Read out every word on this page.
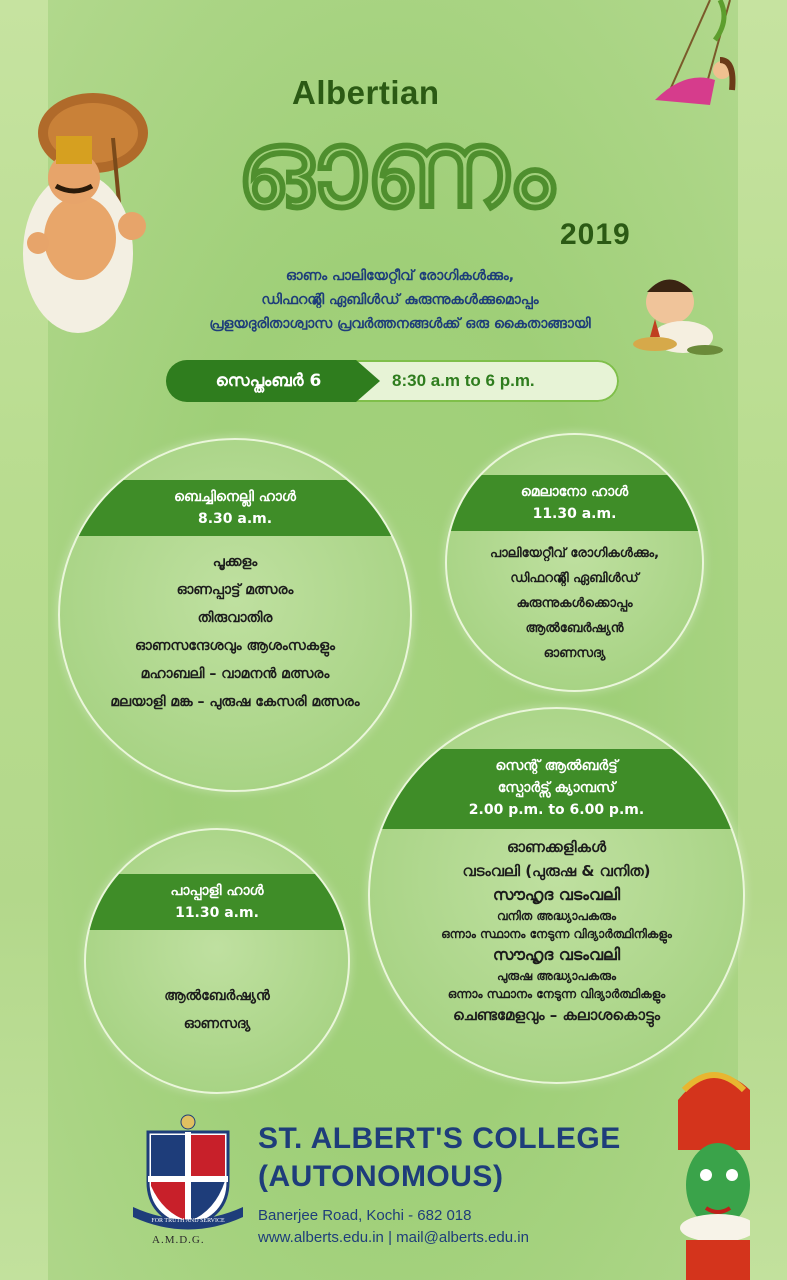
Albertian
ഓണം
2019
ഓണം പാലിയേറ്റീവ് രോഗികൾക്കും,
ഡിഫറന്റ്ലി ഏബിൾഡ് കുരുന്നുകൾക്കുമൊപ്പം
പ്രളയദുരിതാശ്വാസ പ്രവർത്തനങ്ങൾക്ക് ഒരു കൈതാങ്ങായി
സെപ്തംബർ 6	8:30 a.m to 6 p.m.
ബെച്ചിനെല്ലി ഹാൾ
8.30 a.m.
പൂക്കളം
ഓണപ്പാട്ട് മത്സരം
തിരുവാതിര
ഓണസന്ദേശവും ആശംസകളും
മഹാബലി – വാമനൻ മത്സരം
മലയാളി മങ്ക – പുരുഷ കേസരി മത്സരം
മെലാനോ ഹാൾ
11.30 a.m.
പാലിയേറ്റീവ് രോഗികൾക്കും,
ഡിഫറന്റ്ലി ഏബിൾഡ്
കുരുന്നുകൾക്കൊപ്പം
ആൽബേർഷ്യൻ
ഓണസദ്യ
പാപ്പാളി ഹാൾ
11.30 a.m.
ആൽബേർഷ്യൻ
ഓണസദ്യ
സെന്റ് ആൽബർട്ട്
സ്പോർട്സ് ക്യാമ്പസ്
2.00 p.m. to 6.00 p.m.
ഓണക്കളികൾ
വടംവലി (പുരുഷ & വനിത)
സൗഹൃദ വടംവലി
വനിത അദ്ധ്യാപകരും
ഒന്നാം സ്ഥാനം നേടുന്ന വിദ്യാർത്ഥിനികളും
സൗഹൃദ വടംവലി
പുരുഷ അദ്ധ്യാപകരും
ഒന്നാം സ്ഥാനം നേടുന്ന വിദ്യാർത്ഥികളും
ചെണ്ടമേളവും – കലാശകൊട്ടും
FOR TRUTH AND SERVICE
A.M.D.G.
ST. ALBERT'S COLLEGE
(AUTONOMOUS)
Banerjee Road, Kochi - 682 018
www.alberts.edu.in | mail@alberts.edu.in
